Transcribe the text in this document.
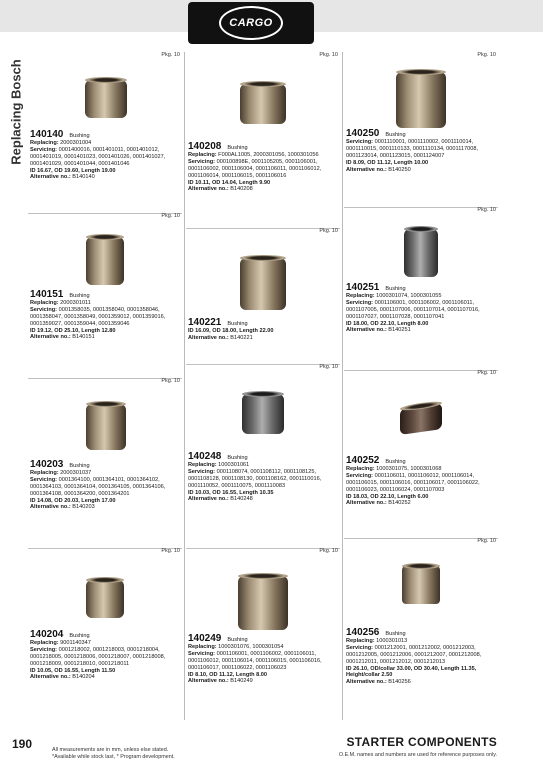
CARGO
Replacing Bosch
Pkg. 10
140140 Bushing
Replacing: 2000301004
Servicing: 0001400016, 0001401011, 0001401012, 0001401019, 0001401023, 0001401026, 0001401027, 0001401029, 0001401044, 0001401046
ID 16.67, OD 19.60, Length 19.00
Alternative no.: B140140
Pkg. 10
140151 Bushing
Replacing: 2000301011
Servicing: 0001358035, 0001358040, 0001358046, 0001358047, 0001358049, 0001359012, 0001359016, 0001359027, 0001359044, 0001359046
ID 19.12, OD 25.10, Length 12.80
Alternative no.: B140151
Pkg. 10
140203 Bushing
Replacing: 2000301037
Servicing: 0001364100, 0001364101, 0001364102, 0001364103, 0001364104, 0001364105, 0001364106, 0001364108, 0001364200, 0001364201
ID 14.08, OD 20.03, Length 17.00
Alternative no.: B140203
Pkg. 10
140204 Bushing
Replacing: 9001140347
Servicing: 0001218002, 0001218003, 0001218004, 0001218005, 0001218006, 0001218007, 0001218008, 0001218009, 0001218010, 0001218011
ID 10.05, OD 16.55, Length 11.50
Alternative no.: B140204
Pkg. 10
140208 Bushing
Replacing: F000AL1005, 2000301056, 1000301056
Servicing: 000100898E, 0001105205, 0001106001, 0001106002, 0001106004, 0001106011, 0001106012, 0001106014, 0001106015, 0001106016
ID 10.11, OD 14.04, Length 9.90
Alternative no.: B140208
Pkg. 10
140221 Bushing
ID 16.09, OD 18.00, Length 22.00
Alternative no.: B140221
Pkg. 10
140248 Bushing
Replacing: 1000301061
Servicing: 0001108074, 0001108112, 0001108125, 0001108128, 0001108130, 0001108162, 0001110016, 0001110052, 0001110075, 0001110083
ID 10.03, OD 16.55, Length 10.35
Alternative no.: B140248
Pkg. 10
140249 Bushing
Replacing: 1000301076, 1000301054
Servicing: 0001106001, 0001106002, 0001106011, 0001106012, 0001106014, 0001106015, 0001106016, 0001106017, 0001106022, 0001106023
ID 8.10, OD 11.12, Length 8.00
Alternative no.: B140249
Pkg. 10
140250 Bushing
Servicing: 0001110001, 0001110002, 0001110014, 0001110015, 0001110133, 0001110134, 0001117008, 0001123014, 0001123015, 0001124007
ID 8.09, OD 11.12, Length 10.00
Alternative no.: B140250
Pkg. 10
140251 Bushing
Replacing: 1000301074, 1000301055
Servicing: 0001106001, 0001106002, 0001106011, 0001107005, 0001107006, 0001107014, 0001107016, 0001107027, 0001107028, 0001107041
ID 18.00, OD 22.10, Length 8.00
Alternative no.: B140251
Pkg. 10
140252 Bushing
Replacing: 1000301075, 1000301068
Servicing: 0001106011, 0001106012, 0001106014, 0001106015, 0001106016, 0001106017, 0001106022, 0001106023, 0001106024, 0001107003
ID 18.03, OD 22.10, Length 6.00
Alternative no.: B140252
Pkg. 10
140256 Bushing
Replacing: 1000301013
Servicing: 0001212001, 0001212002, 0001212003, 0001212005, 0001212006, 0001212007, 0001212008, 0001212011, 0001212012, 0001212013
ID 26.10, OD/collar 33.00, OD 30.40, Length 11.35, Height/collar 2.50
Alternative no.: B140256
190	All measurements are in mm, unless else stated.
*Available while stock last, * Program development.
STARTER COMPONENTS
O.E.M. names and numbers are used for reference purposes only.
